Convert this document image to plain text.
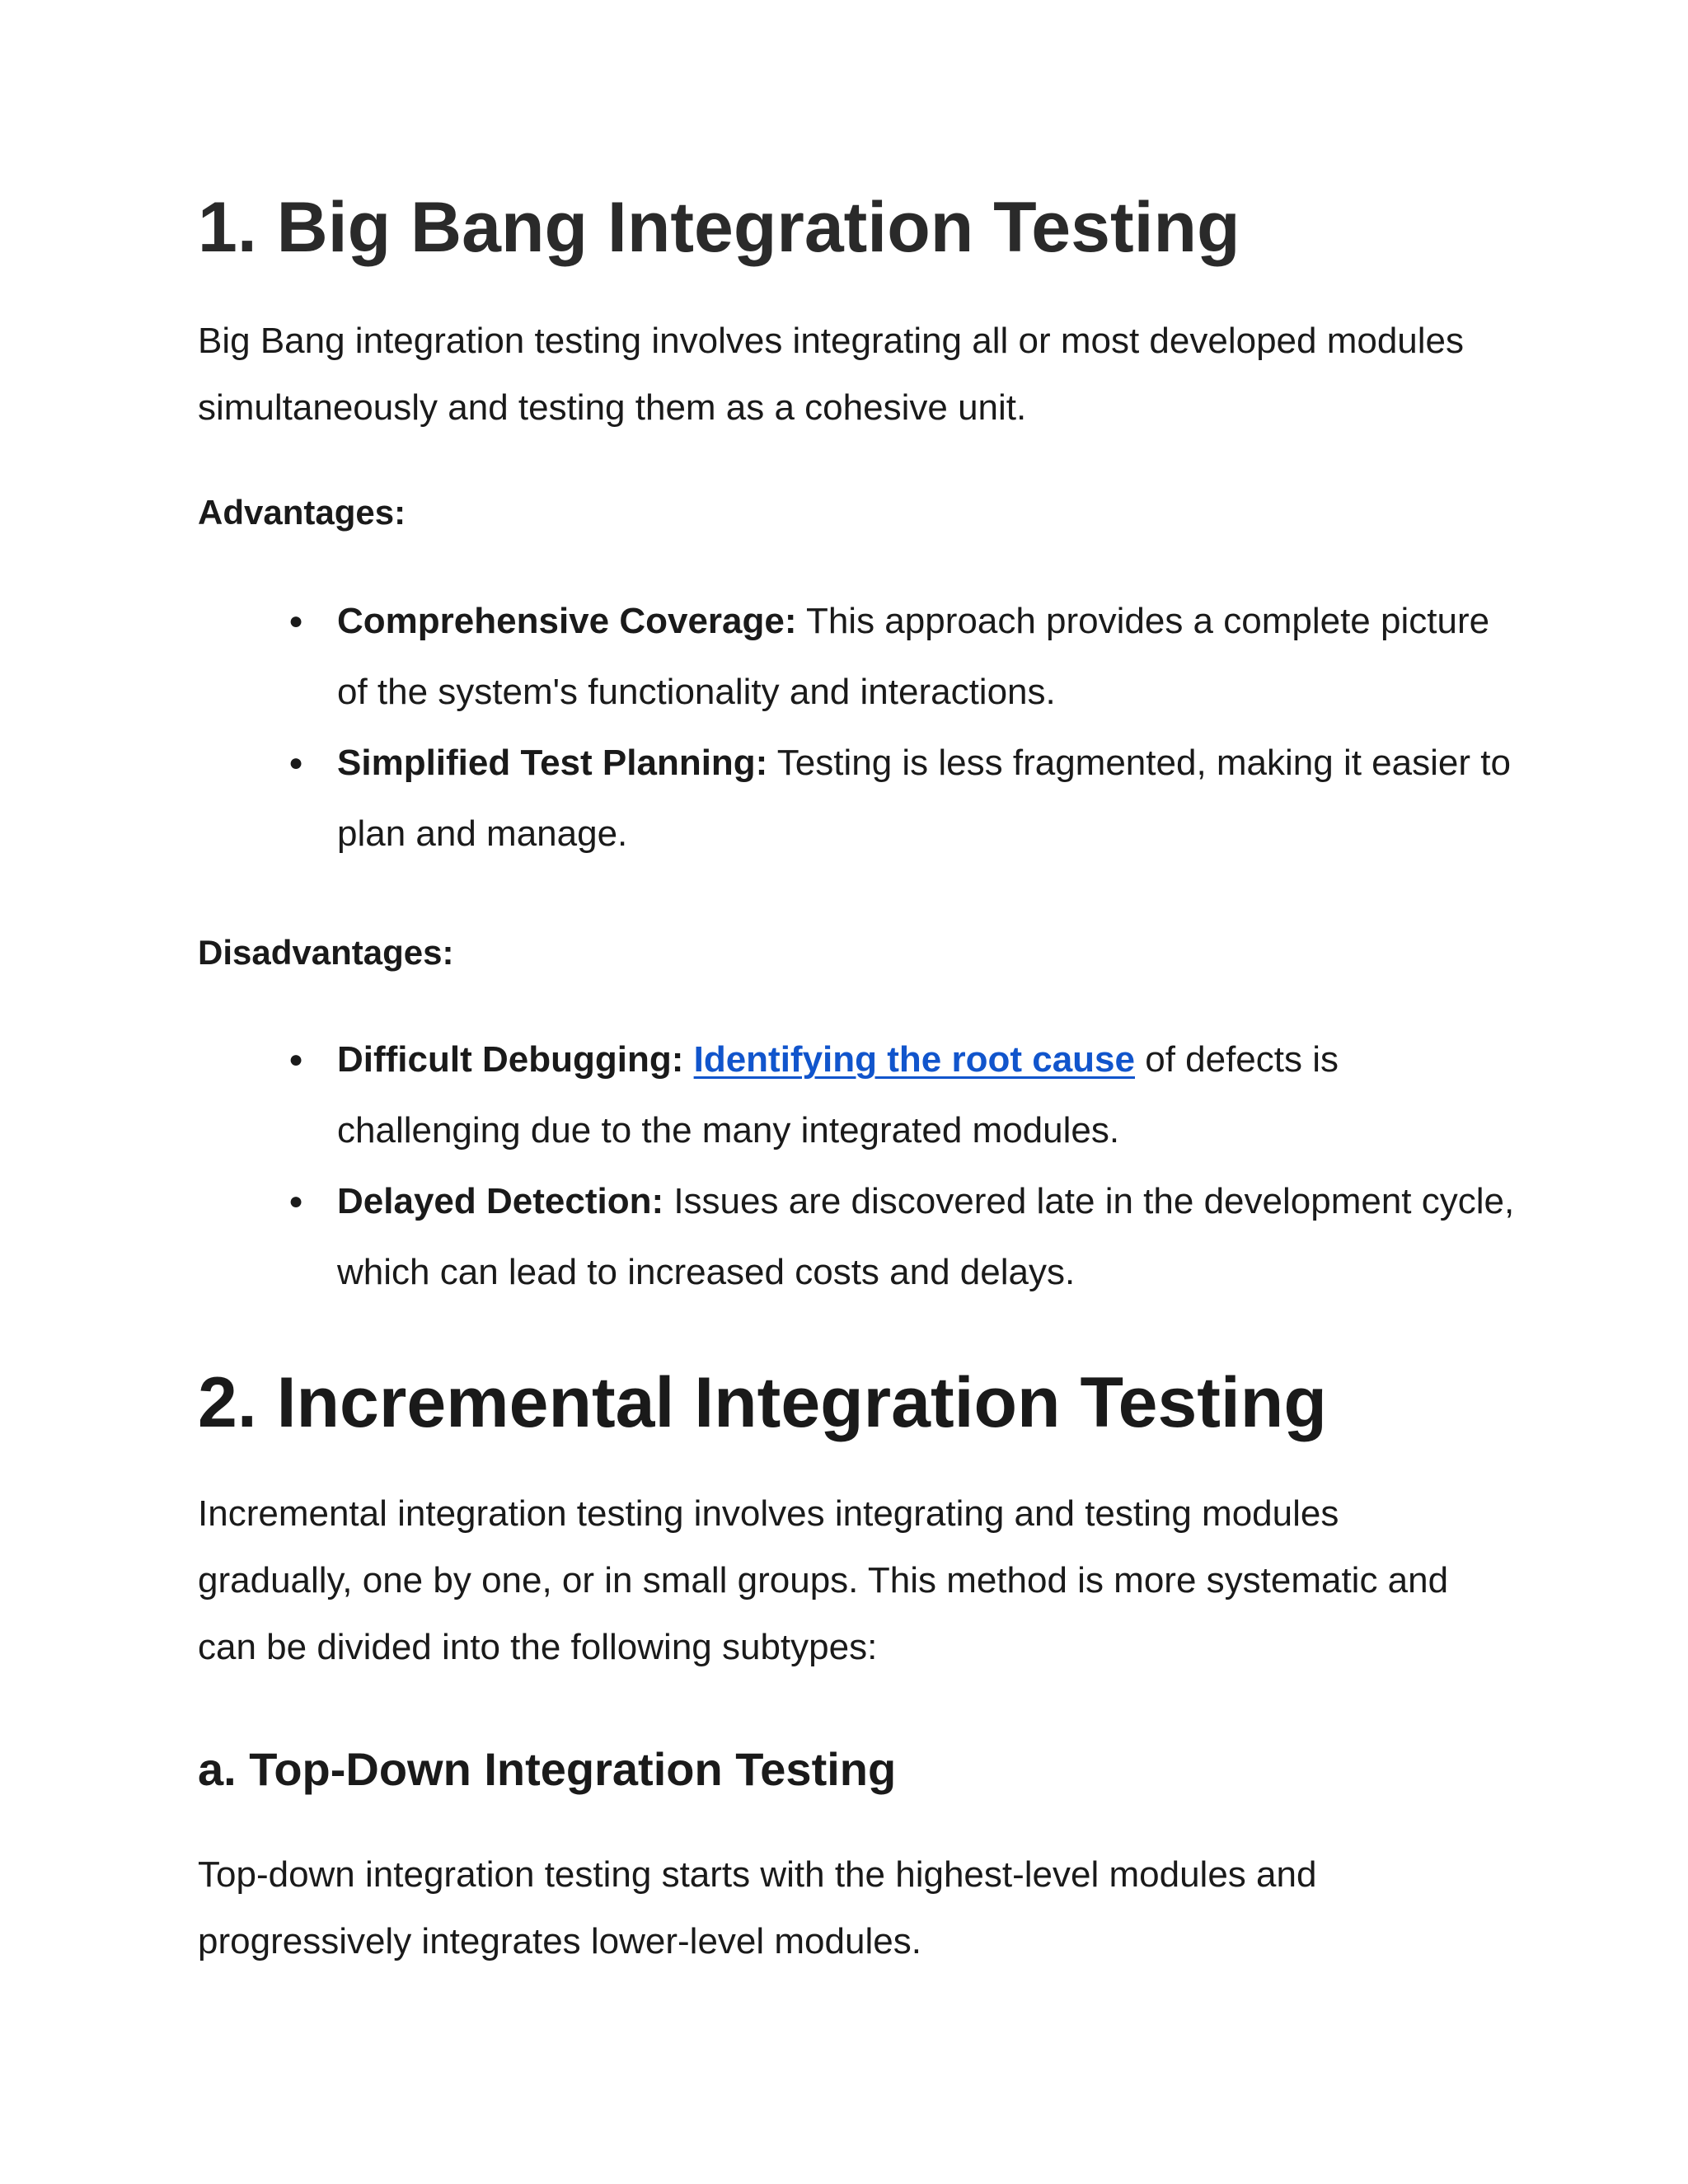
1. Big Bang Integration Testing

Big Bang integration testing involves integrating all or most developed modules simultaneously and testing them as a cohesive unit.

Advantages:
● Comprehensive Coverage: This approach provides a complete picture of the system's functionality and interactions.
● Simplified Test Planning: Testing is less fragmented, making it easier to plan and manage.
Disadvantages:
● Difficult Debugging: Identifying the root cause of defects is challenging due to the many integrated modules.
● Delayed Detection: Issues are discovered late in the development cycle, which can lead to increased costs and delays.
2. Incremental Integration Testing

Incremental integration testing involves integrating and testing modules gradually, one by one, or in small groups. This method is more systematic and can be divided into the following subtypes:

a. Top-Down Integration Testing

Top-down integration testing starts with the highest-level modules and progressively integrates lower-level modules.
